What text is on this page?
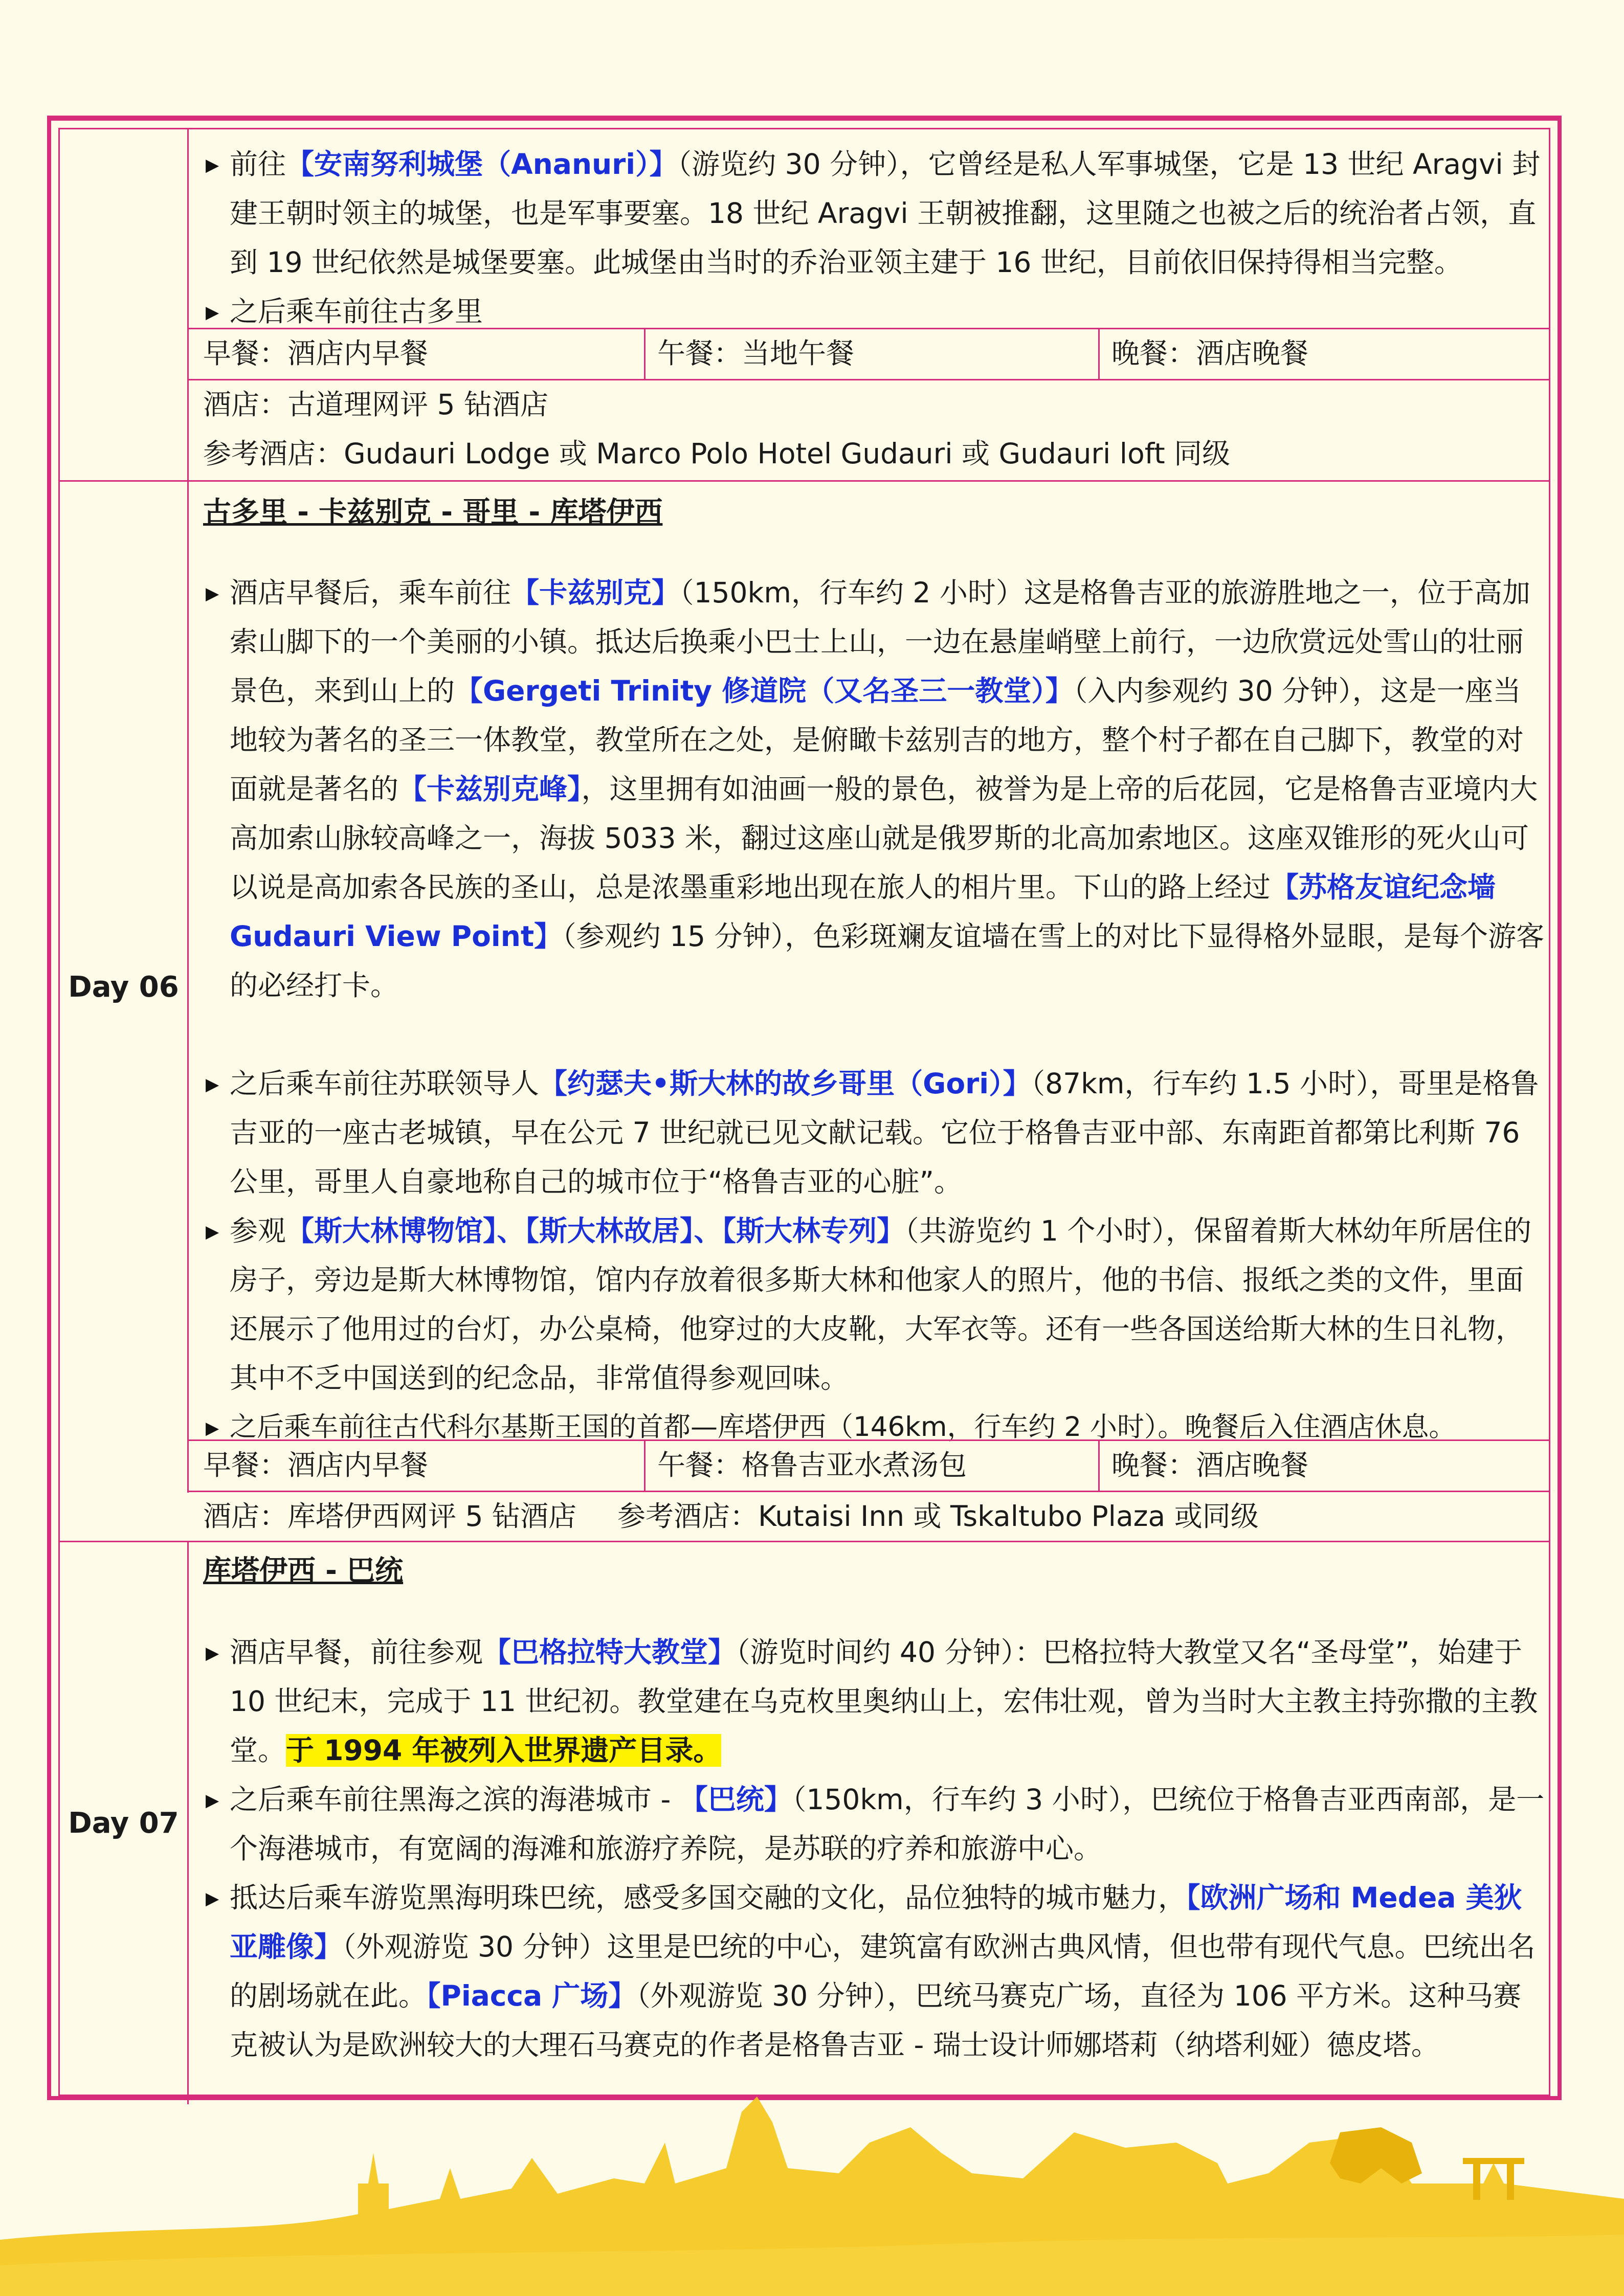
前往【安南努利城堡（Ananuri）】（游览约 30 分钟），它曾经是私人军事城堡，它是 13 世纪 Aragvi 封建王朝时领主的城堡，也是军事要塞。18 世纪 Aragvi 王朝被推翻，这里随之也被之后的统治者占领，直到 19 世纪依然是城堡要塞。此城堡由当时的乔治亚领主建于 16 世纪，目前依旧保持得相当完整。
之后乘车前往古多里
早餐：酒店内早餐	午餐：当地午餐	晚餐：酒店晚餐
酒店：古道理网评 5 钻酒店
参考酒店：Gudauri Lodge 或 Marco Polo Hotel Gudauri 或 Gudauri loft 同级
Day 06
古多里 - 卡兹别克 - 哥里 - 库塔伊西
酒店早餐后，乘车前往【卡兹别克】（150km，行车约 2 小时）这是格鲁吉亚的旅游胜地之一，位于高加索山脚下的一个美丽的小镇。抵达后换乘小巴士上山，一边在悬崖峭壁上前行，一边欣赏远处雪山的壮丽景色，来到山上的【Gergeti Trinity 修道院（又名圣三一教堂）】（入内参观约 30 分钟），这是一座当地较为著名的圣三一体教堂，教堂所在之处，是俯瞰卡兹别吉的地方，整个村子都在自己脚下，教堂的对面就是著名的【卡兹别克峰】，这里拥有如油画一般的景色，被誉为是上帝的后花园，它是格鲁吉亚境内大高加索山脉较高峰之一，海拔 5033 米，翻过这座山就是俄罗斯的北高加索地区。这座双锥形的死火山可以说是高加索各民族的圣山，总是浓墨重彩地出现在旅人的相片里。下山的路上经过【苏格友谊纪念墙 Gudauri View Point】（参观约 15 分钟），色彩斑斓友谊墙在雪上的对比下显得格外显眼，是每个游客的必经打卡。
之后乘车前往苏联领导人【约瑟夫•斯大林的故乡哥里（Gori）】（87km，行车约 1.5 小时），哥里是格鲁吉亚的一座古老城镇，早在公元 7 世纪就已见文献记载。它位于格鲁吉亚中部、东南距首都第比利斯 76 公里，哥里人自豪地称自己的城市位于“格鲁吉亚的心脏”。
参观【斯大林博物馆】、【斯大林故居】、【斯大林专列】（共游览约 1 个小时），保留着斯大林幼年所居住的房子，旁边是斯大林博物馆，馆内存放着很多斯大林和他家人的照片，他的书信、报纸之类的文件，里面还展示了他用过的台灯，办公桌椅，他穿过的大皮靴，大军衣等。还有一些各国送给斯大林的生日礼物，其中不乏中国送到的纪念品，非常值得参观回味。
之后乘车前往古代科尔基斯王国的首都—库塔伊西（146km，行车约 2 小时）。晚餐后入住酒店休息。
早餐：酒店内早餐	午餐：格鲁吉亚水煮汤包	晚餐：酒店晚餐
酒店：库塔伊西网评 5 钻酒店 参考酒店：Kutaisi Inn 或 Tskaltubo Plaza 或同级
Day 07
库塔伊西 - 巴统
酒店早餐，前往参观【巴格拉特大教堂】（游览时间约 40 分钟）：巴格拉特大教堂又名“圣母堂”，始建于 10 世纪末，完成于 11 世纪初。教堂建在乌克枚里奥纳山上，宏伟壮观，曾为当时大主教主持弥撒的主教堂。于 1994 年被列入世界遗产目录。
之后乘车前往黑海之滨的海港城市 - 【巴统】（150km，行车约 3 小时），巴统位于格鲁吉亚西南部，是一个海港城市，有宽阔的海滩和旅游疗养院，是苏联的疗养和旅游中心。
抵达后乘车游览黑海明珠巴统，感受多国交融的文化，品位独特的城市魅力，【欧洲广场和 Medea 美狄亚雕像】（外观游览 30 分钟）这里是巴统的中心，建筑富有欧洲古典风情，但也带有现代气息。巴统出名的剧场就在此。【Piacca 广场】（外观游览 30 分钟），巴统马赛克广场，直径为 106 平方米。这种马赛克被认为是欧洲较大的大理石马赛克的作者是格鲁吉亚 - 瑞士设计师娜塔莉（纳塔利娅）德皮塔。
